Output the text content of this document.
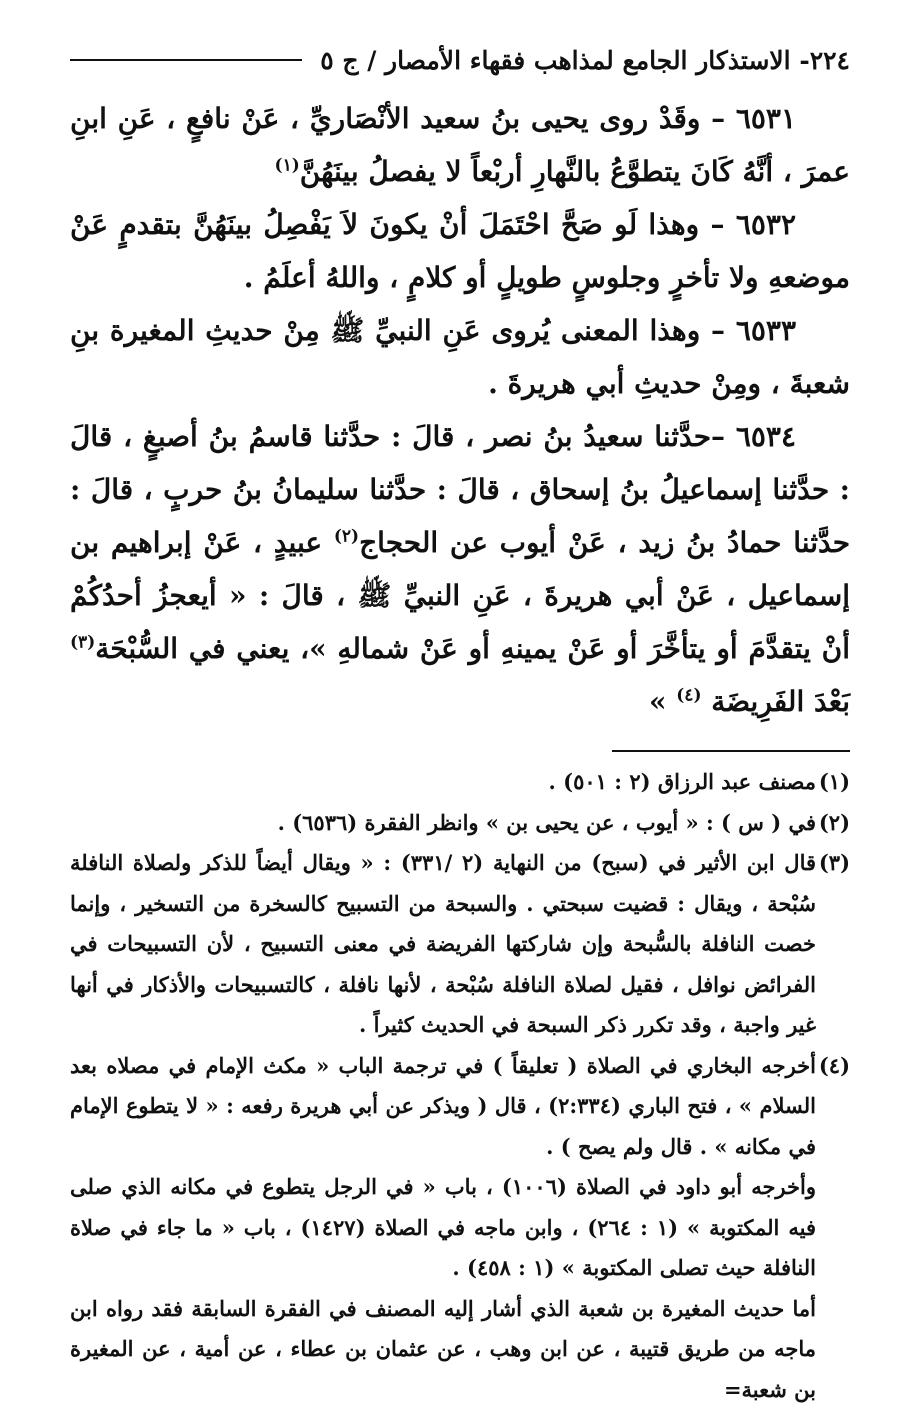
٢٢٤- الاستذكار الجامع لمذاهب فقهاء الأمصار / ج ٥

٦٥٣١ – وقَدْ روى يحيى بنُ سعيد الأنْصَاريِّ ، عَنْ نافعٍ ، عَنِ ابنِ عمرَ ، أنَّهُ كَانَ يتطوَّعُ بالنَّهارِ أربْعاً لا يفصلُ بينَهُنَّ$^{(١)}$

٦٥٣٢ – وهذا لَو صَحَّ احْتَمَلَ أنْ يكونَ لاَ يَفْصِلُ بينَهُنَّ بتقدمٍ عَنْ موضعهِ ولا تأخرٍ وجلوسٍ طويلٍ أو كلامٍ ، واللهُ أعلَمُ .

٦٥٣٣ – وهذا المعنى يُروى عَنِ النبيِّ ﷺ مِنْ حديثِ المغيرة بنِ شعبةَ ، ومِنْ حديثِ أبي هريرةَ .

٦٥٣٤ –حدَّثنا سعيدُ بنُ نصر ، قالَ : حدَّثنا قاسمُ بنُ أصبغٍ ، قالَ : حدَّثنا إسماعيلُ بنُ إسحاق ، قالَ : حدَّثنا سليمانُ بنُ حربٍ ، قالَ : حدَّثنا حمادُ بنُ زيد ، عَنْ أيوب عن الحجاج$^{(٢)}$ عبيدٍ ، عَنْ إبراهيم بن إسماعيل ، عَنْ أبي هريرةَ ، عَنِ النبيِّ ﷺ ، قالَ : « أيعجزُ أحدُكُمْ أنْ يتقدَّمَ أو يتأخَّرَ أو عَنْ يمينهِ أو عَنْ شمالهِ »، يعني في السُّبْحَة$^{(٣)}$ بَعْدَ الفَرِيضَة $^{(٤)}$ »

(١)
مصنف عبد الرزاق (٢ : ٥٠١) .

(٢)
في ( س ) : « أيوب ، عن يحيى بن » وانظر الفقرة (٦٥٣٦) .

(٣)
قال ابن الأثير في (سبح) من النهاية (٢ /٣٣١) : « ويقال أيضاً للذكر ولصلاة النافلة سُبْحة ، ويقال : قضيت سبحتي . والسبحة من التسبيح كالسخرة من التسخير ، وإنما خصت النافلة بالسُّبحة وإن شاركتها الفريضة في معنى التسبيح ، لأن التسبيحات في الفرائض نوافل ، فقيل لصلاة النافلة سُبْحة ، لأنها نافلة ، كالتسبيحات والأذكار في أنها غير واجبة ، وقد تكرر ذكر السبحة في الحديث كثيراً .

(٤)
أخرجه البخاري في الصلاة ( تعليقاً ) في ترجمة الباب « مكث الإمام في مصلاه بعد السلام » ، فتح الباري (٢:٣٣٤) ، قال ( ويذكر عن أبي هريرة رفعه : « لا يتطوع الإمام في مكانه » . قال ولم يصح ) .

وأخرجه أبو داود في الصلاة (١٠٠٦) ، باب « في الرجل يتطوع في مكانه الذي صلى فيه المكتوبة » (١ : ٢٦٤) ، وابن ماجه في الصلاة (١٤٢٧) ، باب « ما جاء في صلاة النافلة حيث تصلى المكتوبة » (١ : ٤٥٨) .

أما حديث المغيرة بن شعبة الذي أشار إليه المصنف في الفقرة السابقة فقد رواه ابن ماجه من طريق قتيبة ، عن ابن وهب ، عن عثمان بن عطاء ، عن أمية ، عن المغيرة بن شعبة=
